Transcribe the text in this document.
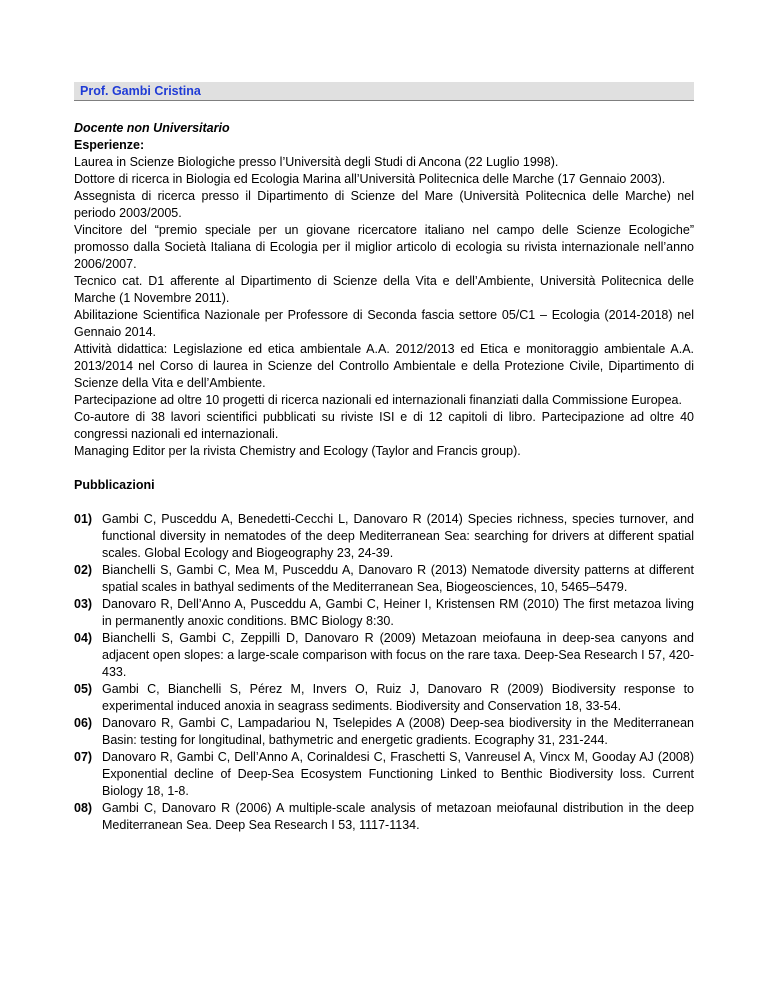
Prof. Gambi Cristina
Docente non Universitario
Esperienze:

Laurea in Scienze Biologiche presso l’Università degli Studi di Ancona (22 Luglio 1998).

Dottore di ricerca in Biologia ed Ecologia Marina all’Università Politecnica delle Marche (17 Gennaio 2003).

Assegnista di ricerca presso il Dipartimento di Scienze del Mare (Università Politecnica delle Marche) nel periodo 2003/2005.

Vincitore del “premio speciale per un giovane ricercatore italiano nel campo delle Scienze Ecologiche” promosso dalla Società Italiana di Ecologia per il miglior articolo di ecologia su rivista internazionale nell’anno 2006/2007.

Tecnico cat. D1 afferente al Dipartimento di Scienze della Vita e dell’Ambiente, Università Politecnica delle Marche (1 Novembre 2011).

Abilitazione Scientifica Nazionale per Professore di Seconda fascia settore 05/C1 – Ecologia (2014-2018) nel Gennaio 2014.

Attività didattica: Legislazione ed etica ambientale A.A. 2012/2013 ed Etica e monitoraggio ambientale A.A. 2013/2014 nel Corso di laurea in Scienze del Controllo Ambientale e della Protezione Civile, Dipartimento di Scienze della Vita e dell’Ambiente.

Partecipazione ad oltre 10 progetti di ricerca nazionali ed internazionali finanziati dalla Commissione Europea.

Co-autore di 38 lavori scientifici pubblicati su riviste ISI e di 12 capitoli di libro. Partecipazione ad oltre 40 congressi nazionali ed internazionali.

Managing Editor per la rivista Chemistry and Ecology (Taylor and Francis group).

Pubblicazioni
01) Gambi C, Pusceddu A, Benedetti-Cecchi L, Danovaro R (2014) Species richness, species turnover, and functional diversity in nematodes of the deep Mediterranean Sea: searching for drivers at different spatial scales. Global Ecology and Biogeography 23, 24-39.
02) Bianchelli S, Gambi C, Mea M, Pusceddu A, Danovaro R (2013) Nematode diversity patterns at different spatial scales in bathyal sediments of the Mediterranean Sea, Biogeosciences, 10, 5465–5479.
03) Danovaro R, Dell’Anno A, Pusceddu A, Gambi C, Heiner I, Kristensen RM (2010) The first metazoa living in permanently anoxic conditions. BMC Biology 8:30.
04) Bianchelli S, Gambi C, Zeppilli D, Danovaro R (2009) Metazoan meiofauna in deep-sea canyons and adjacent open slopes: a large-scale comparison with focus on the rare taxa. Deep-Sea Research I 57, 420-433.
05) Gambi C, Bianchelli S, Pérez M, Invers O, Ruiz J, Danovaro R (2009) Biodiversity response to experimental induced anoxia in seagrass sediments. Biodiversity and Conservation 18, 33-54.
06) Danovaro R, Gambi C, Lampadariou N, Tselepides A (2008) Deep-sea biodiversity in the Mediterranean Basin: testing for longitudinal, bathymetric and energetic gradients. Ecography 31, 231-244.
07) Danovaro R, Gambi C, Dell’Anno A, Corinaldesi C, Fraschetti S, Vanreusel A, Vincx M, Gooday AJ (2008) Exponential decline of Deep-Sea Ecosystem Functioning Linked to Benthic Biodiversity loss. Current Biology 18, 1-8.
08) Gambi C, Danovaro R (2006) A multiple-scale analysis of metazoan meiofaunal distribution in the deep Mediterranean Sea. Deep Sea Research I 53, 1117-1134.
